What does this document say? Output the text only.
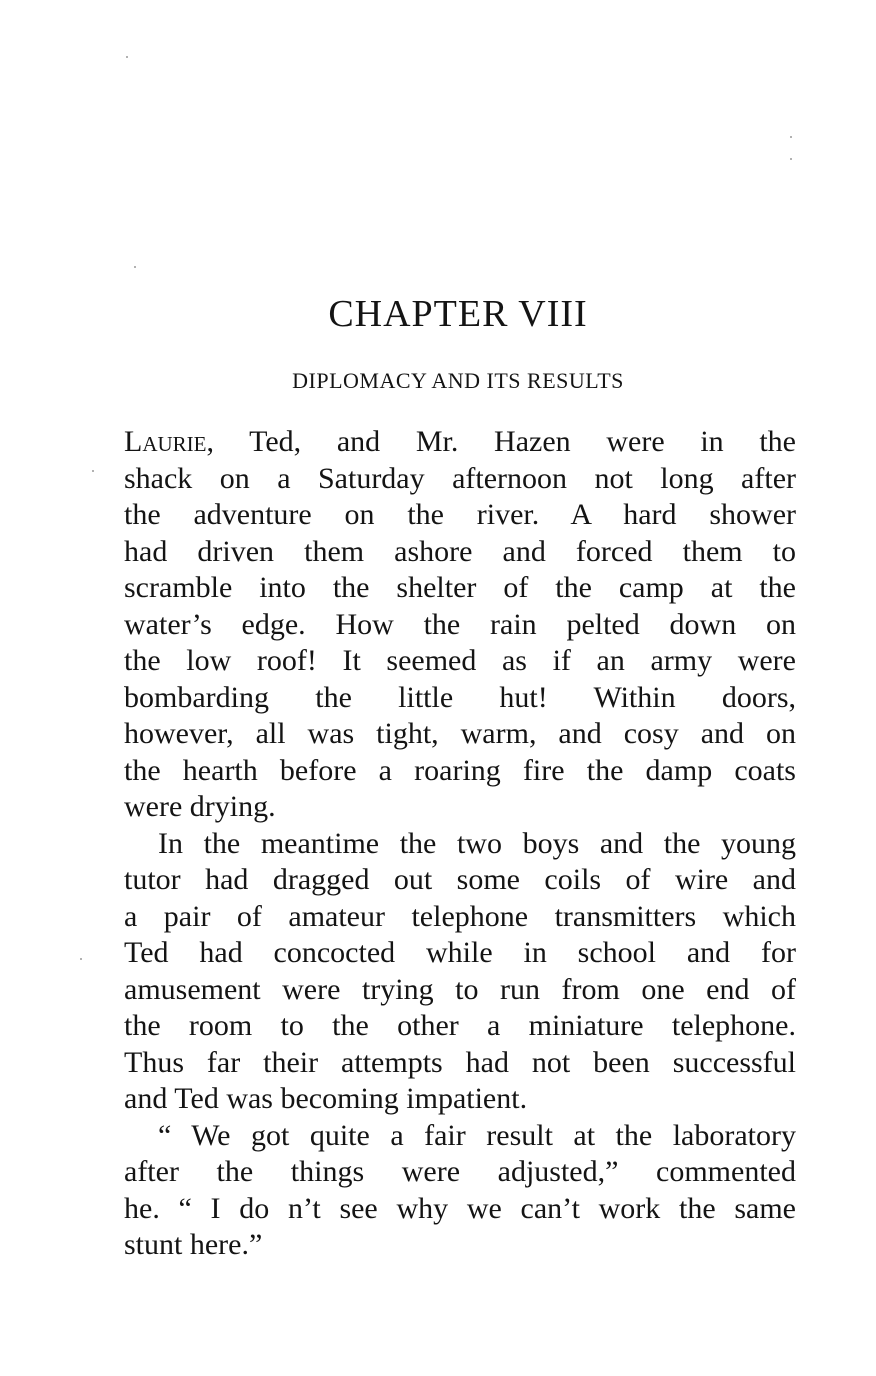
CHAPTER VIII
DIPLOMACY AND ITS RESULTS
Laurie, Ted, and Mr. Hazen were in the
shack on a Saturday afternoon not long after
the adventure on the river. A hard shower
had driven them ashore and forced them to
scramble into the shelter of the camp at the
water’s edge. How the rain pelted down on
the low roof! It seemed as if an army were
bombarding the little hut! Within doors,
however, all was tight, warm, and cosy and on
the hearth before a roaring fire the damp coats
were drying.
In the meantime the two boys and the young
tutor had dragged out some coils of wire and
a pair of amateur telephone transmitters which
Ted had concocted while in school and for
amusement were trying to run from one end of
the room to the other a miniature telephone.
Thus far their attempts had not been successful
and Ted was becoming impatient.
“ We got quite a fair result at the laboratory
after the things were adjusted,” commented
he. “ I do n’t see why we can’t work the same
stunt here.”
